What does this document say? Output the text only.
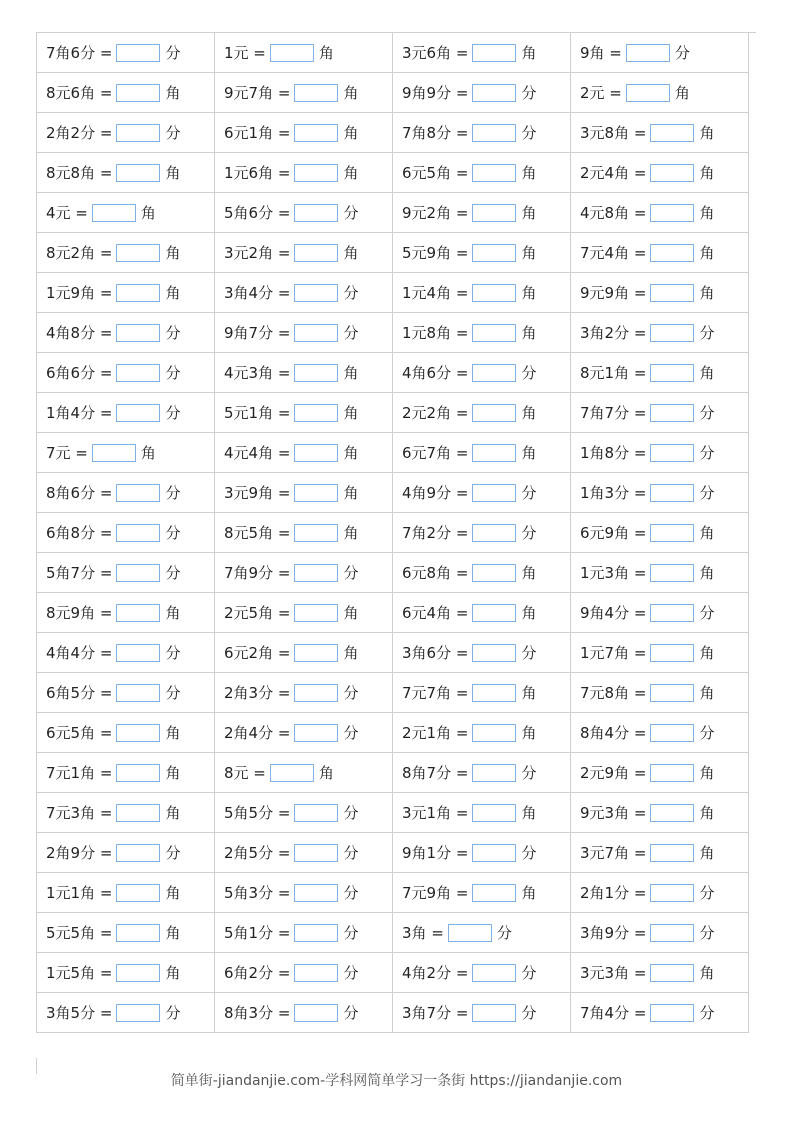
7角6分 = 分	1元 = 角	3元6角 = 角	9角 = 分
8元6角 = 角	9元7角 = 角	9角9分 = 分	2元 = 角
2角2分 = 分	6元1角 = 角	7角8分 = 分	3元8角 = 角
8元8角 = 角	1元6角 = 角	6元5角 = 角	2元4角 = 角
4元 = 角	5角6分 = 分	9元2角 = 角	4元8角 = 角
8元2角 = 角	3元2角 = 角	5元9角 = 角	7元4角 = 角
1元9角 = 角	3角4分 = 分	1元4角 = 角	9元9角 = 角
4角8分 = 分	9角7分 = 分	1元8角 = 角	3角2分 = 分
6角6分 = 分	4元3角 = 角	4角6分 = 分	8元1角 = 角
1角4分 = 分	5元1角 = 角	2元2角 = 角	7角7分 = 分
7元 = 角	4元4角 = 角	6元7角 = 角	1角8分 = 分
8角6分 = 分	3元9角 = 角	4角9分 = 分	1角3分 = 分
6角8分 = 分	8元5角 = 角	7角2分 = 分	6元9角 = 角
5角7分 = 分	7角9分 = 分	6元8角 = 角	1元3角 = 角
8元9角 = 角	2元5角 = 角	6元4角 = 角	9角4分 = 分
4角4分 = 分	6元2角 = 角	3角6分 = 分	1元7角 = 角
6角5分 = 分	2角3分 = 分	7元7角 = 角	7元8角 = 角
6元5角 = 角	2角4分 = 分	2元1角 = 角	8角4分 = 分
7元1角 = 角	8元 = 角	8角7分 = 分	2元9角 = 角
7元3角 = 角	5角5分 = 分	3元1角 = 角	9元3角 = 角
2角9分 = 分	2角5分 = 分	9角1分 = 分	3元7角 = 角
1元1角 = 角	5角3分 = 分	7元9角 = 角	2角1分 = 分
5元5角 = 角	5角1分 = 分	3角 = 分	3角9分 = 分
1元5角 = 角	6角2分 = 分	4角2分 = 分	3元3角 = 角
3角5分 = 分	8角3分 = 分	3角7分 = 分	7角4分 = 分
简单街-jiandanjie.com-学科网简单学习一条街 https://jiandanjie.com
